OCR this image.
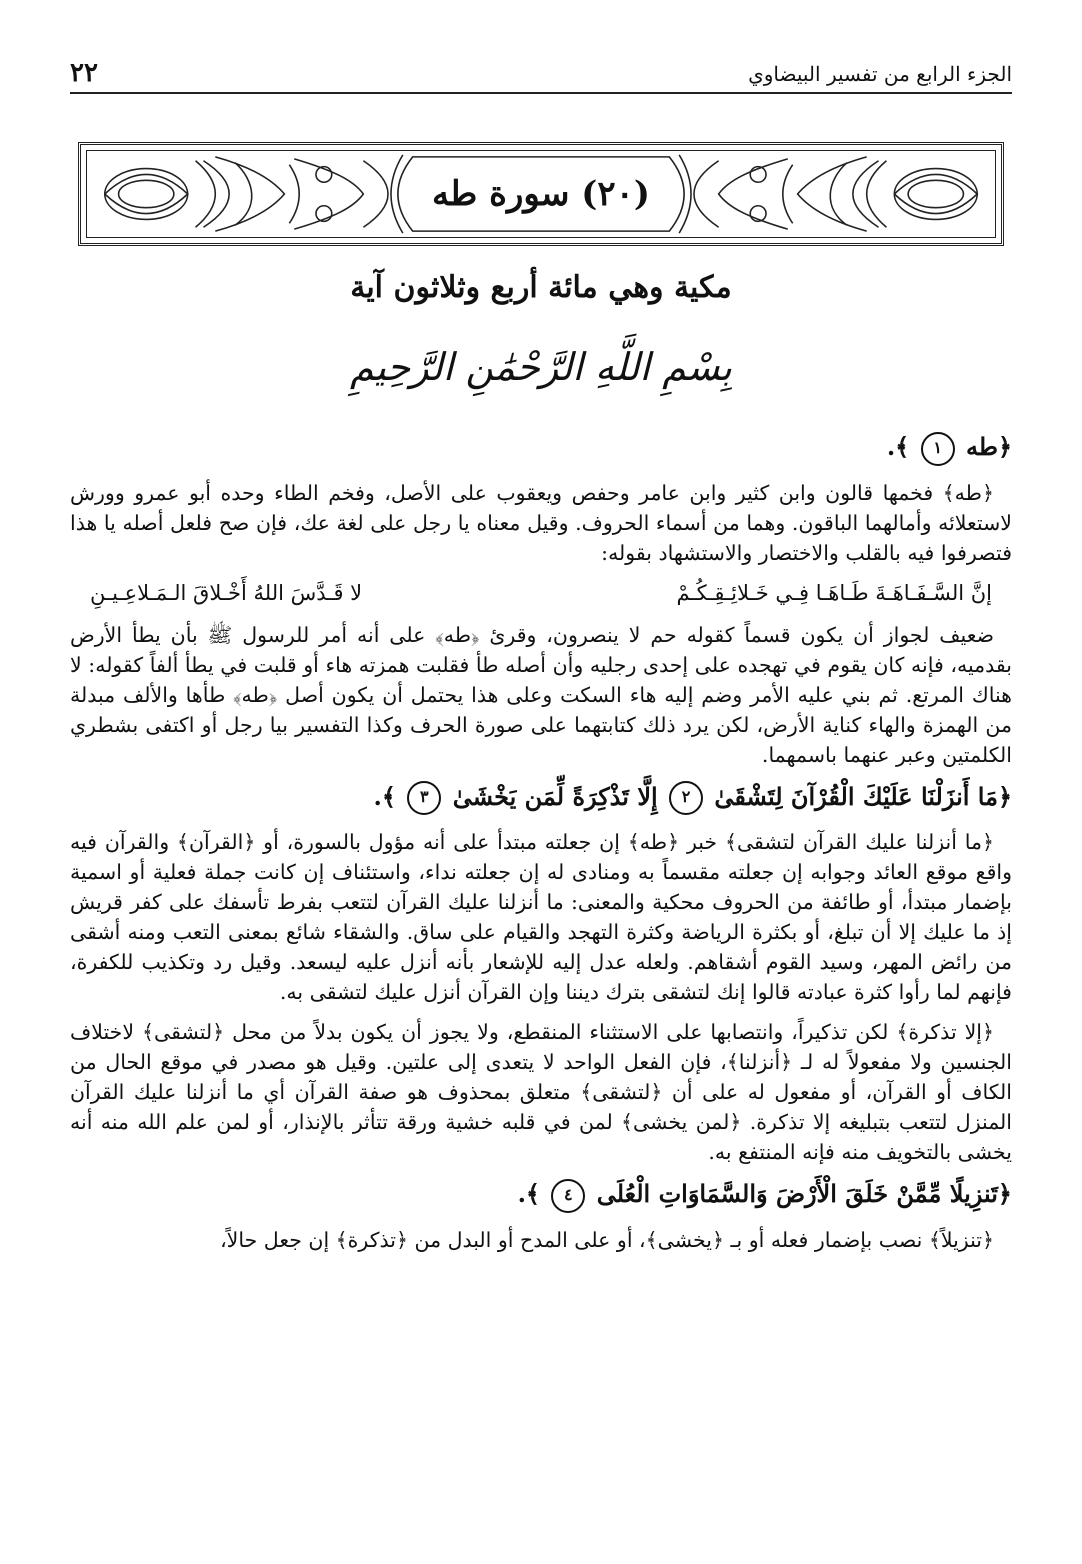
الجزء الرابع من تفسير البيضاوي
٢٢
(٢٠) سورة طه
مكية وهي مائة أربع وثلاثون آية
بِسْمِ اللَّهِ الرَّحْمَٰنِ الرَّحِيمِ
﴿طه ١ ﴾.

﴿طه﴾ فخمها قالون وابن كثير وابن عامر وحفص ويعقوب على الأصل، وفخم الطاء وحده أبو عمرو وورش لاستعلائه وأمالهما الباقون. وهما من أسماء الحروف. وقيل معناه يا رجل على لغة عك، فإن صح فلعل أصله يا هذا فتصرفوا فيه بالقلب والاختصار والاستشهاد بقوله:

إنَّ السَّـفَـاهَـةَ طَـاهَـا فِـي خَـلائِـقِـكُـمْ
لا قَـدَّسَ اللهُ أَخْـلاقَ الـمَـلاعِـيـنِ

ضعيف لجواز أن يكون قسماً كقوله حم لا ينصرون، وقرئ ﴿طه﴾ على أنه أمر للرسول ﷺ بأن يطأ الأرض بقدميه، فإنه كان يقوم في تهجده على إحدى رجليه وأن أصله طأ فقلبت همزته هاء أو قلبت في يطأ ألفاً كقوله: لا هناك المرتع. ثم بني عليه الأمر وضم إليه هاء السكت وعلى هذا يحتمل أن يكون أصل ﴿طه﴾ طأها والألف مبدلة من الهمزة والهاء كناية الأرض، لكن يرد ذلك كتابتهما على صورة الحرف وكذا التفسير بيا رجل أو اكتفى بشطري الكلمتين وعبر عنهما باسمهما.

﴿مَا أَنزَلْنَا عَلَيْكَ الْقُرْآنَ لِتَشْقَىٰ ٢ إِلَّا تَذْكِرَةً لِّمَن يَخْشَىٰ ٣ ﴾.

﴿ما أنزلنا عليك القرآن لتشقى﴾ خبر ﴿طه﴾ إن جعلته مبتدأ على أنه مؤول بالسورة، أو ﴿القرآن﴾ والقرآن فيه واقع موقع العائد وجوابه إن جعلته مقسماً به ومنادى له إن جعلته نداء، واستئناف إن كانت جملة فعلية أو اسمية بإضمار مبتدأ، أو طائفة من الحروف محكية والمعنى: ما أنزلنا عليك القرآن لتتعب بفرط تأسفك على كفر قريش إذ ما عليك إلا أن تبلغ، أو بكثرة الرياضة وكثرة التهجد والقيام على ساق. والشقاء شائع بمعنى التعب ومنه أشقى من رائض المهر، وسيد القوم أشقاهم. ولعله عدل إليه للإشعار بأنه أنزل عليه ليسعد. وقيل رد وتكذيب للكفرة، فإنهم لما رأوا كثرة عبادته قالوا إنك لتشقى بترك ديننا وإن القرآن أنزل عليك لتشقى به.

﴿إلا تذكرة﴾ لكن تذكيراً، وانتصابها على الاستثناء المنقطع، ولا يجوز أن يكون بدلاً من محل ﴿لتشقى﴾ لاختلاف الجنسين ولا مفعولاً له لـ ﴿أنزلنا﴾، فإن الفعل الواحد لا يتعدى إلى علتين. وقيل هو مصدر في موقع الحال من الكاف أو القرآن، أو مفعول له على أن ﴿لتشقى﴾ متعلق بمحذوف هو صفة القرآن أي ما أنزلنا عليك القرآن المنزل لتتعب بتبليغه إلا تذكرة. ﴿لمن يخشى﴾ لمن في قلبه خشية ورقة تتأثر بالإنذار، أو لمن علم الله منه أنه يخشى بالتخويف منه فإنه المنتفع به.

﴿تَنزِيلًا مِّمَّنْ خَلَقَ الْأَرْضَ وَالسَّمَاوَاتِ الْعُلَى ٤ ﴾.

﴿تنزيلاً﴾ نصب بإضمار فعله أو بـ ﴿يخشى﴾، أو على المدح أو البدل من ﴿تذكرة﴾ إن جعل حالاً،
